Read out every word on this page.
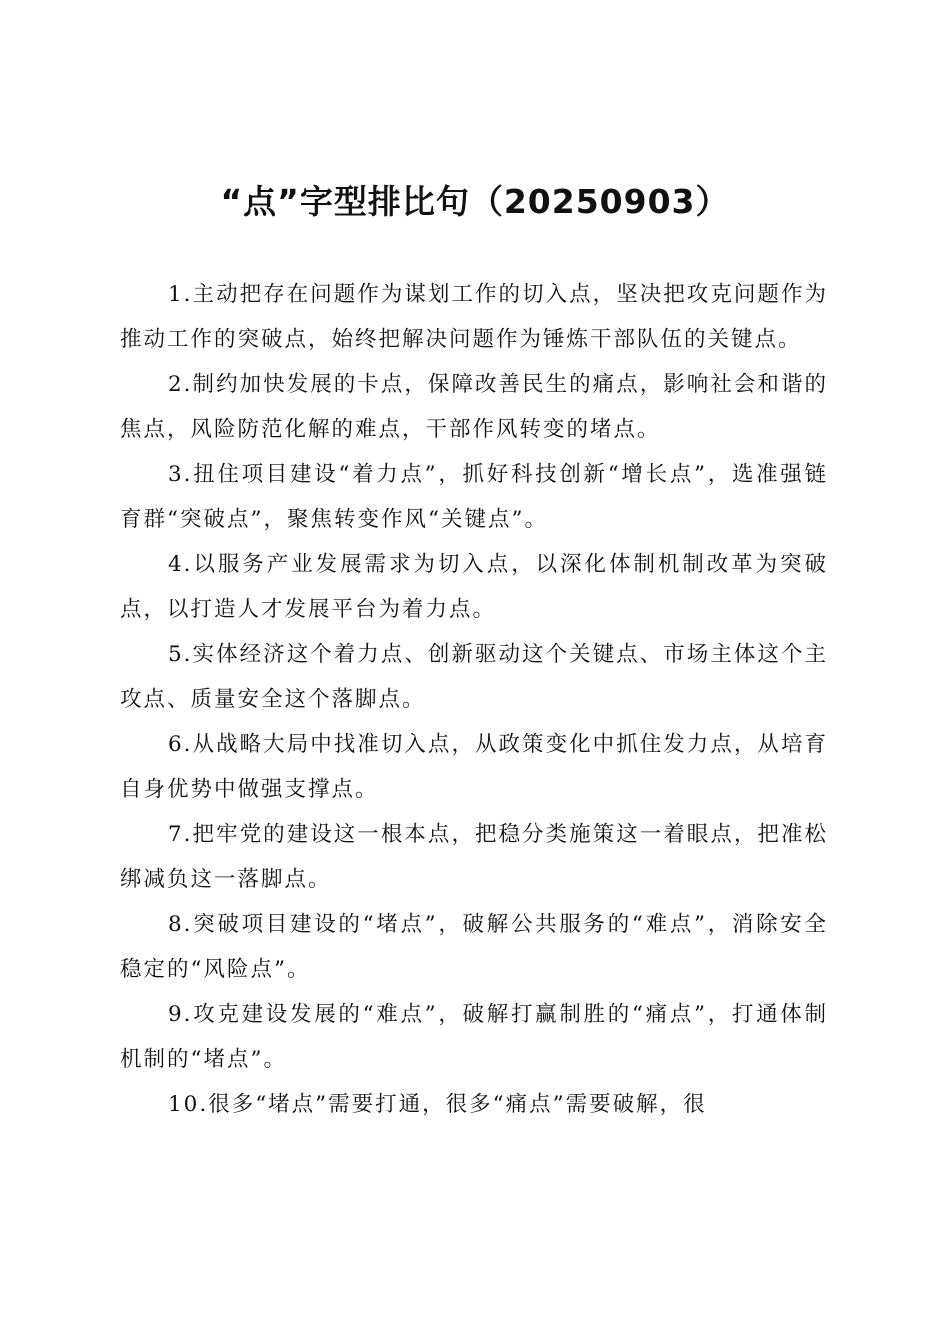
“点”字型排比句（20250903）

1.主动把存在问题作为谋划工作的切入点，坚决把攻克问题作为推动工作的突破点，始终把解决问题作为锤炼干部队伍的关键点。

2.制约加快发展的卡点，保障改善民生的痛点，影响社会和谐的焦点，风险防范化解的难点，干部作风转变的堵点。

3.扭住项目建设“着力点”，抓好科技创新“增长点”，选准强链育群“突破点”，聚焦转变作风“关键点”。

4.以服务产业发展需求为切入点，以深化体制机制改革为突破点，以打造人才发展平台为着力点。

5.实体经济这个着力点、创新驱动这个关键点、市场主体这个主攻点、质量安全这个落脚点。

6.从战略大局中找准切入点，从政策变化中抓住发力点，从培育自身优势中做强支撑点。

7.把牢党的建设这一根本点，把稳分类施策这一着眼点，把准松绑减负这一落脚点。

8.突破项目建设的“堵点”，破解公共服务的“难点”，消除安全稳定的“风险点”。

9.攻克建设发展的“难点”，破解打赢制胜的“痛点”，打通体制机制的“堵点”。

10.很多“堵点”需要打通，很多“痛点”需要破解，很
